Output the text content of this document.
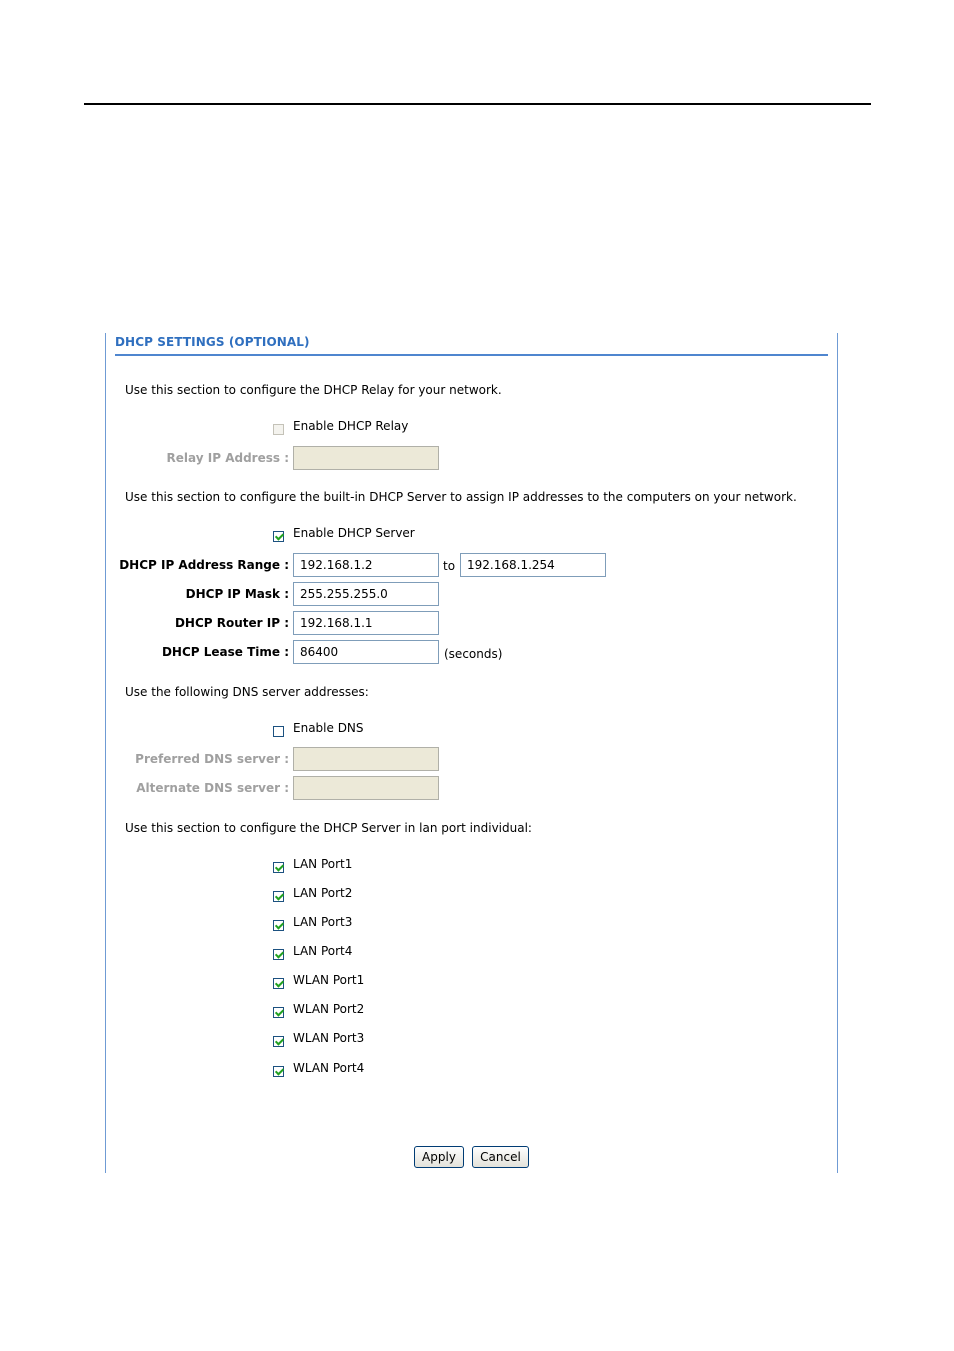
DHCP SETTINGS (OPTIONAL)
Use this section to configure the DHCP Relay for your network.
Enable DHCP Relay
Relay IP Address :
Use this section to configure the built-in DHCP Server to assign IP addresses to the computers on your network.
Enable DHCP Server
DHCP IP Address Range :
192.168.1.2	to
192.168.1.254
DHCP IP Mask :
255.255.255.0
DHCP Router IP :
192.168.1.1
DHCP Lease Time :
86400	(seconds)
Use the following DNS server addresses:
Enable DNS
Preferred DNS server :
Alternate DNS server :
Use this section to configure the DHCP Server in lan port individual:
LAN Port1
LAN Port2
LAN Port3
LAN Port4
WLAN Port1
WLAN Port2
WLAN Port3
WLAN Port4
Apply	Cancel
